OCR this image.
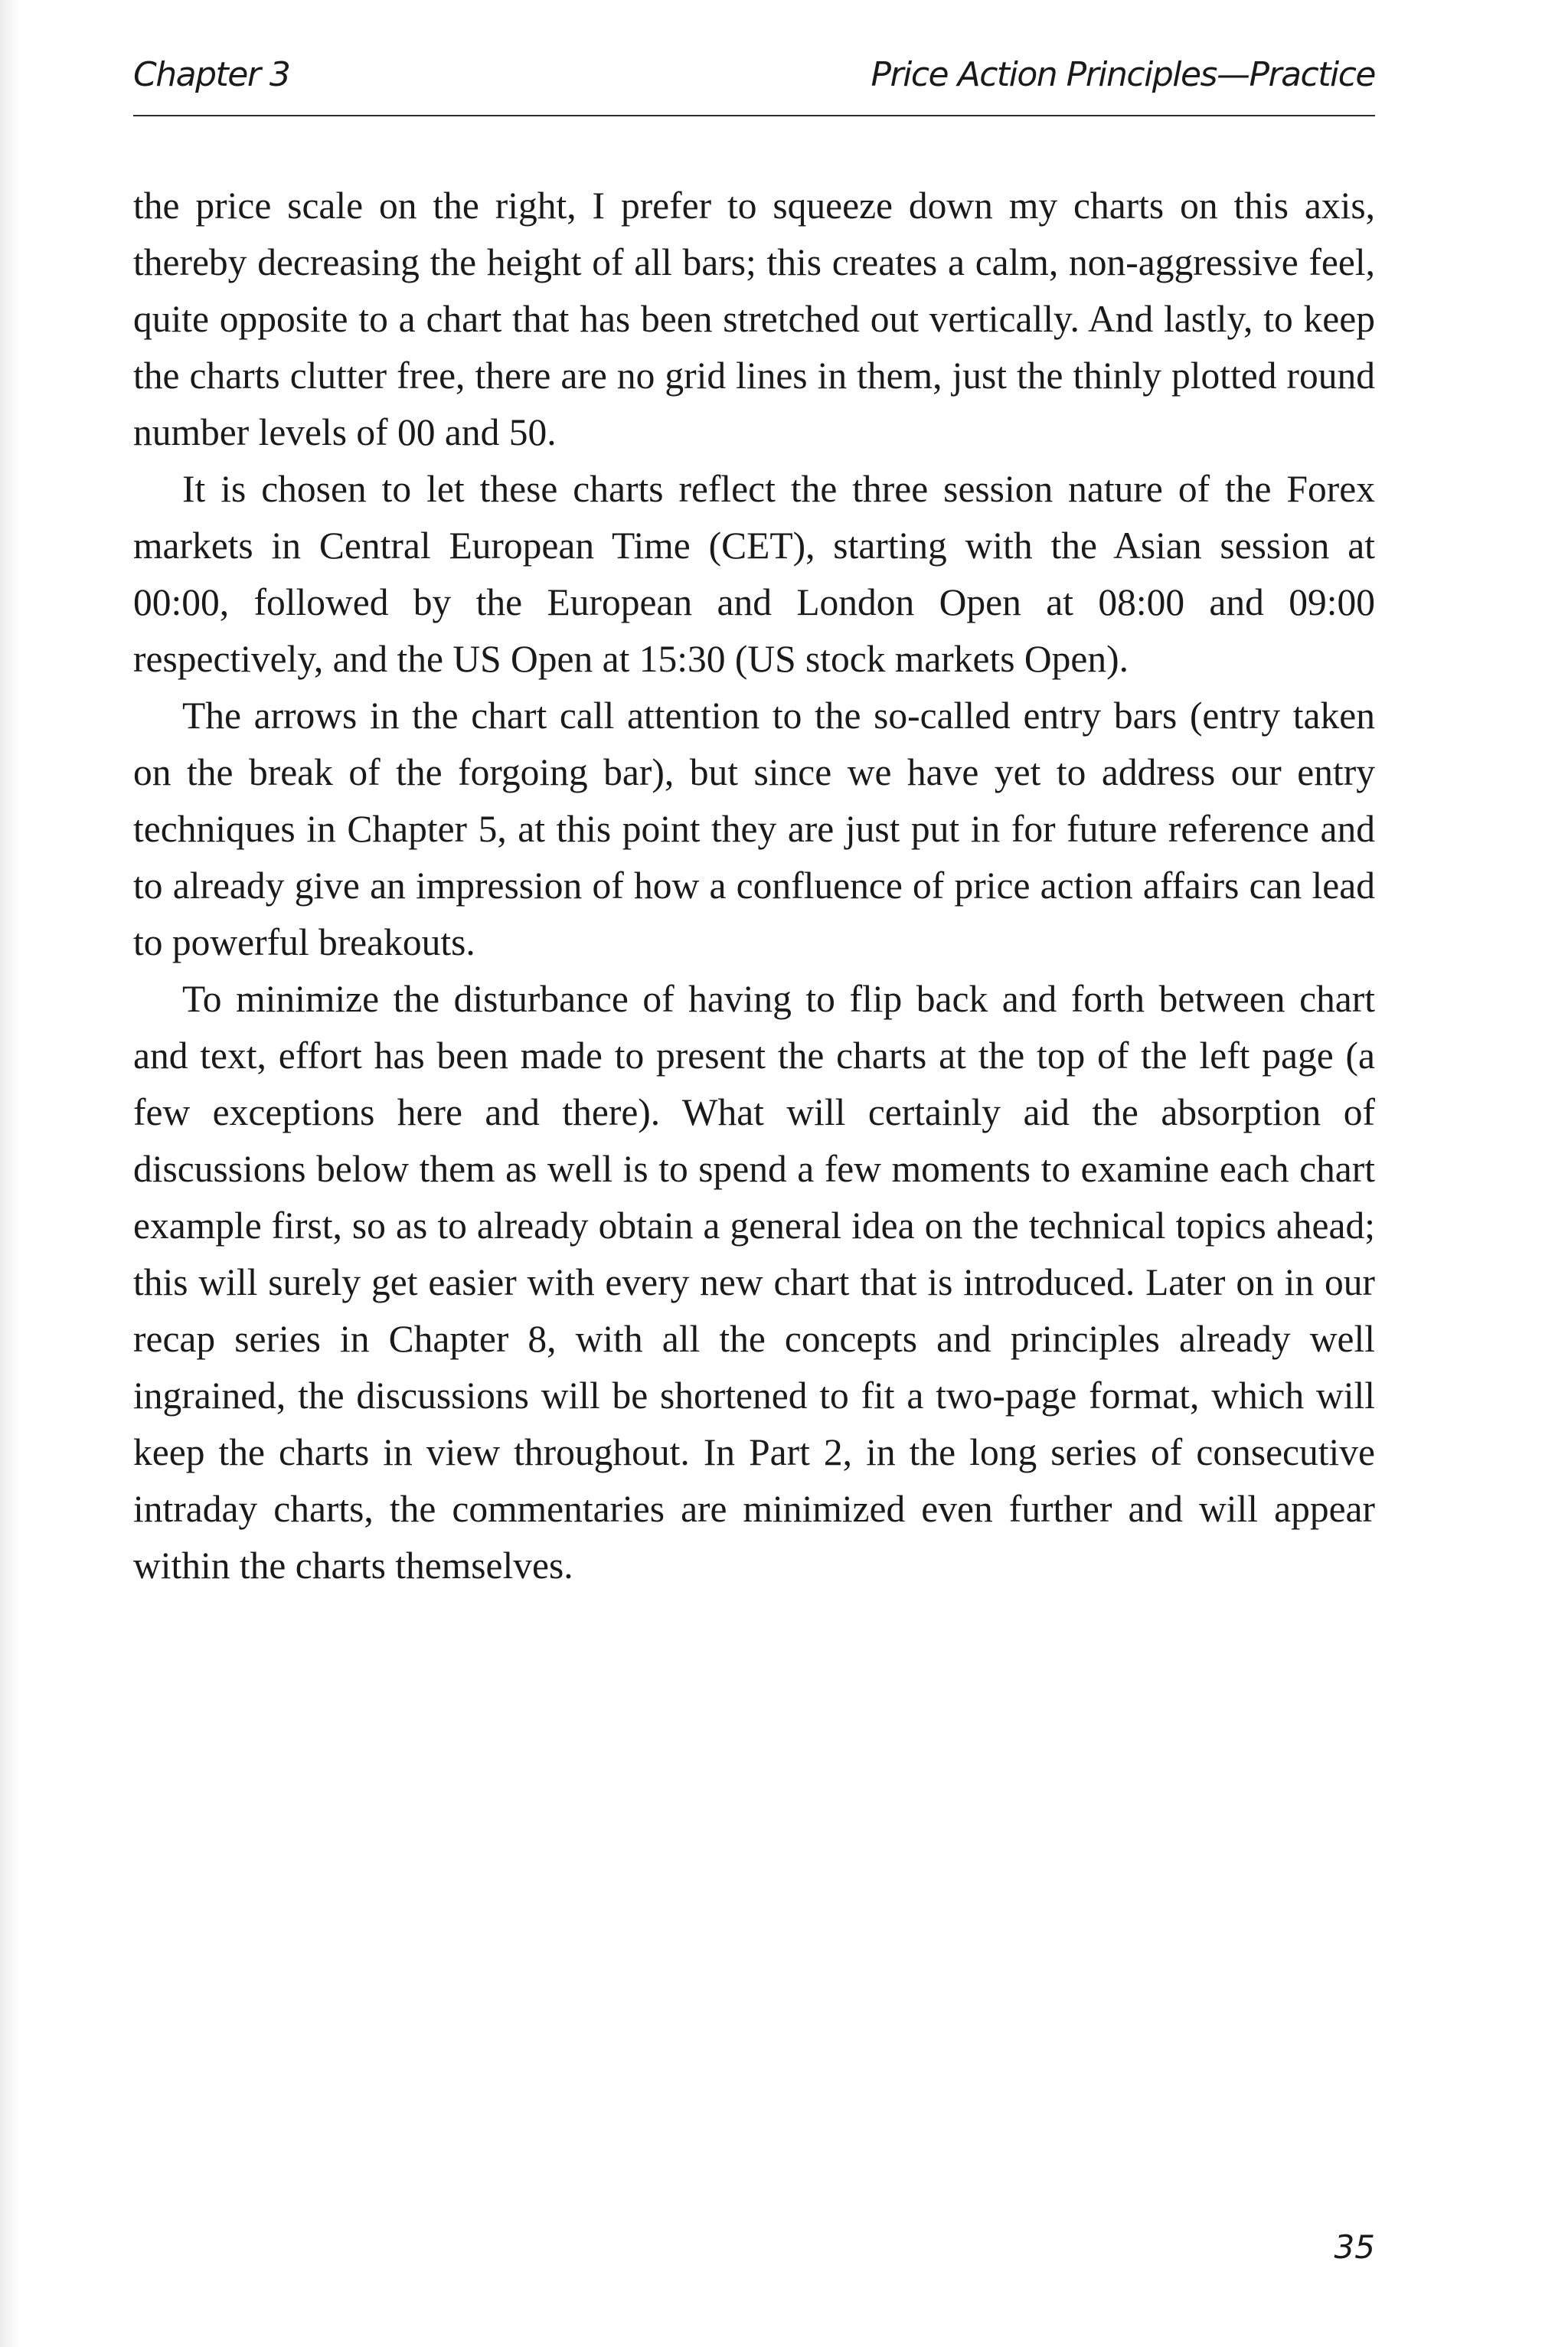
Chapter 3	Price Action Principles—Practice

the price scale on the right, I prefer to squeeze down my charts on this axis, thereby decreasing the height of all bars; this creates a calm, non-aggressive feel, quite opposite to a chart that has been stretched out vertically. And lastly, to keep the charts clutter free, there are no grid lines in them, just the thinly plotted round number levels of 00 and 50.

It is chosen to let these charts reflect the three session nature of the Forex markets in Central European Time (CET), starting with the Asian session at 00:00, followed by the European and London Open at 08:00 and 09:00 respectively, and the US Open at 15:30 (US stock markets Open).

The arrows in the chart call attention to the so-called entry bars (entry taken on the break of the forgoing bar), but since we have yet to address our entry techniques in Chapter 5, at this point they are just put in for future reference and to already give an impression of how a confluence of price action affairs can lead to powerful breakouts.

To minimize the disturbance of having to flip back and forth between chart and text, effort has been made to present the charts at the top of the left page (a few exceptions here and there). What will certainly aid the absorption of discussions below them as well is to spend a few moments to examine each chart example first, so as to already obtain a general idea on the technical topics ahead; this will surely get easier with every new chart that is introduced. Later on in our recap series in Chapter 8, with all the concepts and principles already well ingrained, the discussions will be shortened to fit a two-page format, which will keep the charts in view throughout. In Part 2, in the long series of consecutive intraday charts, the commentaries are minimized even further and will appear within the charts themselves.

35
